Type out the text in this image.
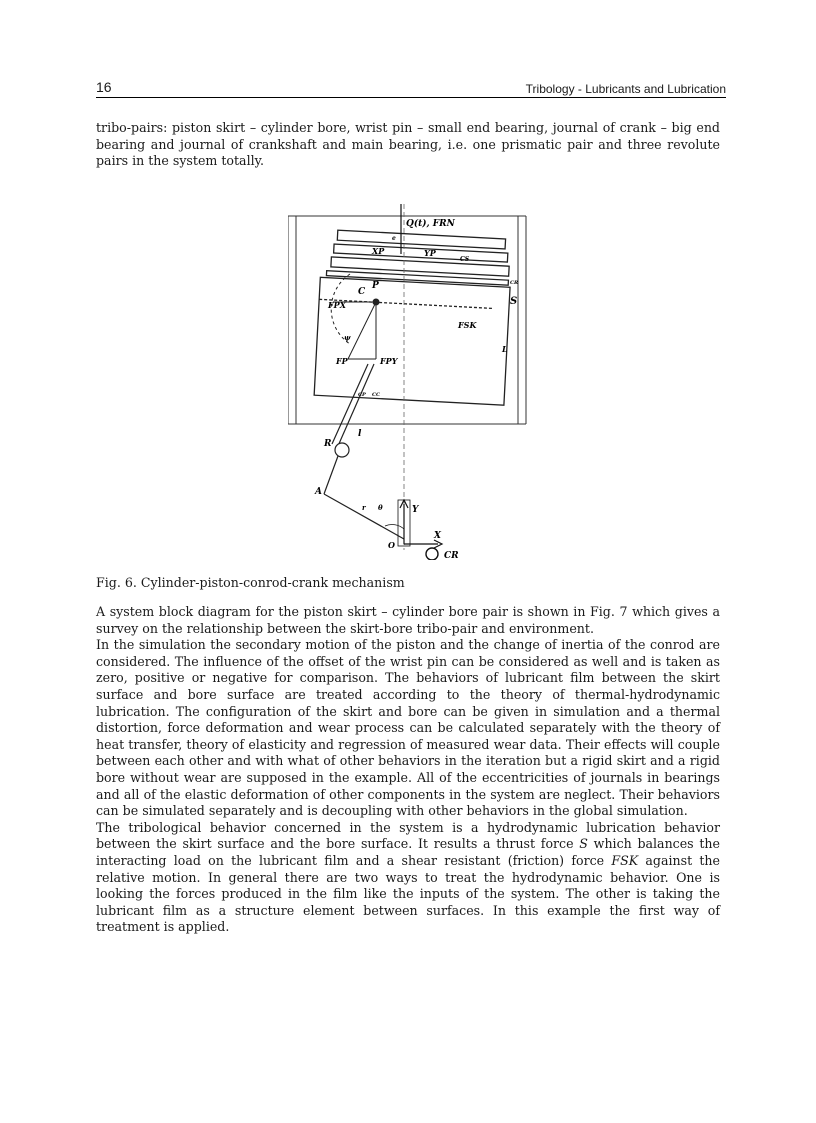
16	Tribology - Lubricants and Lubrication

tribo-pairs: piston skirt – cylinder bore, wrist pin – small end bearing, journal of crank – big end bearing and journal of crankshaft and main bearing, i.e. one prismatic pair and three revolute pairs in the system totally.

Q(t), FRN
XP	YP
CS
CR
C
P
FPX
FSK
S
L
FP	FPY
CP CC
R
l
A
r θ	Y
X
O
CR
ψ
e
Fig. 6. Cylinder-piston-conrod-crank mechanism

A system block diagram for the piston skirt – cylinder bore pair is shown in Fig. 7 which gives a survey on the relationship between the skirt-bore tribo-pair and environment.

In the simulation the secondary motion of the piston and the change of inertia of the conrod are considered. The influence of the offset of the wrist pin can be considered as well and is taken as zero, positive or negative for comparison. The behaviors of lubricant film between the skirt surface and bore surface are treated according to the theory of thermal-hydrodynamic lubrication. The configuration of the skirt and bore can be given in simulation and a thermal distortion, force deformation and wear process can be calculated separately with the theory of heat transfer, theory of elasticity and regression of measured wear data. Their effects will couple between each other and with what of other behaviors in the iteration but a rigid skirt and a rigid bore without wear are supposed in the example. All of the eccentricities of journals in bearings and all of the elastic deformation of other components in the system are neglect. Their behaviors can be simulated separately and is decoupling with other behaviors in the global simulation.

The tribological behavior concerned in the system is a hydrodynamic lubrication behavior between the skirt surface and the bore surface. It results a thrust force S which balances the interacting load on the lubricant film and a shear resistant (friction) force FSK against the relative motion. In general there are two ways to treat the hydrodynamic behavior. One is looking the forces produced in the film like the inputs of the system. The other is taking the lubricant film as a structure element between surfaces. In this example the first way of treatment is applied.
